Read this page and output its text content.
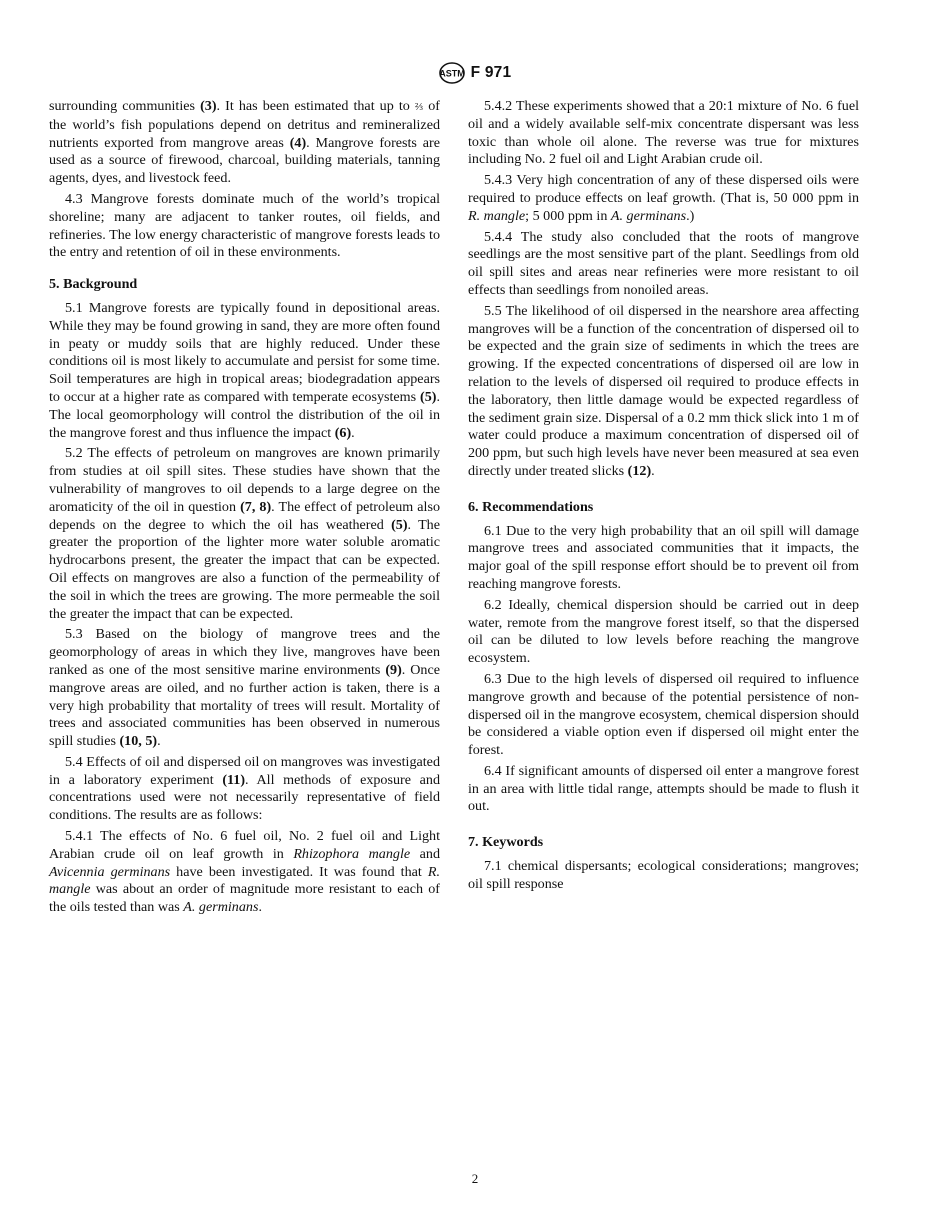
ASTM F 971

surrounding communities (3). It has been estimated that up to ⅔ of the world’s fish populations depend on detritus and remineralized nutrients exported from mangrove areas (4). Mangrove forests are used as a source of firewood, charcoal, building materials, tanning agents, dyes, and livestock feed.

4.3 Mangrove forests dominate much of the world’s tropical shoreline; many are adjacent to tanker routes, oil fields, and refineries. The low energy characteristic of mangrove forests leads to the entry and retention of oil in these environments.

5. Background

5.1 Mangrove forests are typically found in depositional areas. While they may be found growing in sand, they are more often found in peaty or muddy soils that are highly reduced. Under these conditions oil is most likely to accumulate and persist for some time. Soil temperatures are high in tropical areas; biodegradation appears to occur at a higher rate as compared with temperate ecosystems (5). The local geomorphology will control the distribution of the oil in the mangrove forest and thus influence the impact (6).

5.2 The effects of petroleum on mangroves are known primarily from studies at oil spill sites. These studies have shown that the vulnerability of mangroves to oil depends to a large degree on the aromaticity of the oil in question (7, 8). The effect of petroleum also depends on the degree to which the oil has weathered (5). The greater the proportion of the lighter more water soluble aromatic hydrocarbons present, the greater the impact that can be expected. Oil effects on mangroves are also a function of the permeability of the soil in which the trees are growing. The more permeable the soil the greater the impact that can be expected.

5.3 Based on the biology of mangrove trees and the geomorphology of areas in which they live, mangroves have been ranked as one of the most sensitive marine environments (9). Once mangrove areas are oiled, and no further action is taken, there is a very high probability that mortality of trees will result. Mortality of trees and associated communities has been observed in numerous spill studies (10, 5).

5.4 Effects of oil and dispersed oil on mangroves was investigated in a laboratory experiment (11). All methods of exposure and concentrations used were not necessarily representative of field conditions. The results are as follows:

5.4.1 The effects of No. 6 fuel oil, No. 2 fuel oil and Light Arabian crude oil on leaf growth in Rhizophora mangle and Avicennia germinans have been investigated. It was found that R. mangle was about an order of magnitude more resistant to each of the oils tested than was A. germinans.

5.4.2 These experiments showed that a 20:1 mixture of No. 6 fuel oil and a widely available self-mix concentrate dispersant was less toxic than whole oil alone. The reverse was true for mixtures including No. 2 fuel oil and Light Arabian crude oil.

5.4.3 Very high concentration of any of these dispersed oils were required to produce effects on leaf growth. (That is, 50 000 ppm in R. mangle; 5 000 ppm in A. germinans.)

5.4.4 The study also concluded that the roots of mangrove seedlings are the most sensitive part of the plant. Seedlings from old oil spill sites and areas near refineries were more resistant to oil effects than seedlings from nonoiled areas.

5.5 The likelihood of oil dispersed in the nearshore area affecting mangroves will be a function of the concentration of dispersed oil to be expected and the grain size of sediments in which the trees are growing. If the expected concentrations of dispersed oil are low in relation to the levels of dispersed oil required to produce effects in the laboratory, then little damage would be expected regardless of the sediment grain size. Dispersal of a 0.2 mm thick slick into 1 m of water could produce a maximum concentration of dispersed oil of 200 ppm, but such high levels have never been measured at sea even directly under treated slicks (12).

6. Recommendations

6.1 Due to the very high probability that an oil spill will damage mangrove trees and associated communities that it impacts, the major goal of the spill response effort should be to prevent oil from reaching mangrove forests.

6.2 Ideally, chemical dispersion should be carried out in deep water, remote from the mangrove forest itself, so that the dispersed oil can be diluted to low levels before reaching the mangrove ecosystem.

6.3 Due to the high levels of dispersed oil required to influence mangrove growth and because of the potential persistence of non-dispersed oil in the mangrove ecosystem, chemical dispersion should be considered a viable option even if dispersed oil might enter the forest.

6.4 If significant amounts of dispersed oil enter a mangrove forest in an area with little tidal range, attempts should be made to flush it out.

7. Keywords

7.1 chemical dispersants; ecological considerations; mangroves; oil spill response

2
